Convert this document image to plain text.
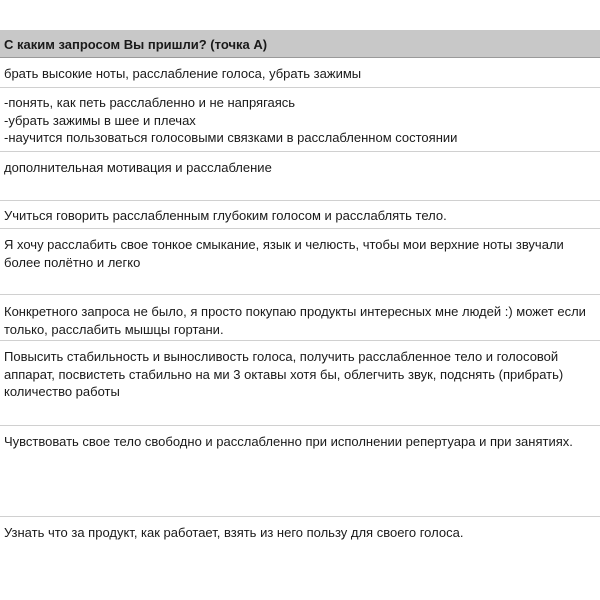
С каким запросом Вы пришли? (точка А)
брать высокие ноты, расслабление голоса, убрать зажимы
-понять, как петь расслабленно и не напрягаясь
-убрать зажимы в шее и плечах
-научится пользоваться голосовыми связками в расслабленном состоянии
дополнительная мотивация и расслабление
Учиться говорить расслабленным глубоким голосом и расслаблять тело.
Я хочу расслабить свое тонкое смыкание, язык и челюсть, чтобы мои верхние ноты звучали более полётно и легко
Конкретного запроса не было, я просто покупаю продукты интересных мне людей :) может если только, расслабить мышцы гортани.
Повысить стабильность и выносливость голоса, получить расслабленное тело и голосовой аппарат, посвистеть стабильно на ми 3 октавы хотя бы, облегчить звук, подснять (прибрать) количество работы
Чувствовать свое тело свободно и расслабленно при исполнении репертуара и при занятиях.
Узнать что за продукт, как работает, взять из него пользу для своего голоса.
